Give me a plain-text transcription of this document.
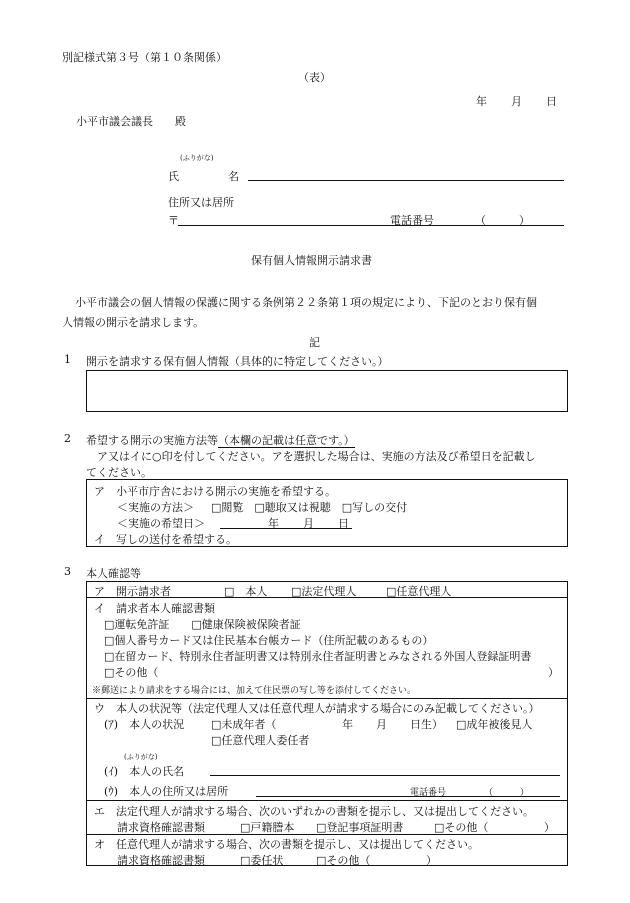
別記様式第３号（第１０条関係）
（表）
年 月 日
小平市議会議長　　殿
(ふりがな)
氏	名
住所又は居所
〒	電話番号	（　　　）
保有個人情報開示請求書
小平市議会の個人情報の保護に関する条例第２２条第１項の規定により、下記のとおり保有個
人情報の開示を請求します。
記
1 開示を請求する保有個人情報（具体的に特定してください。）
2 希望する開示の実施方法等（本欄の記載は任意です。）
ア又はイに○印を付してください。アを選択した場合は、実施の方法及び希望日を記載し
てください。
ア　小平市庁舎における開示の実施を希望する。
＜実施の方法＞ □閲覧　□聴取又は視聴　□写しの交付
＜実施の希望日＞	年 月 日
イ　写しの送付を希望する。
3 本人確認等
ア　開示請求者	□　本人 □法定代理人	□任意代理人
イ　請求者本人確認書類
□運転免許証　　□健康保険被保険者証
□個人番号カード又は住民基本台帳カード（住所記載のあるもの）
□在留カード、特別永住者証明書又は特別永住者証明書とみなされる外国人登録証明書
□その他（	）
※郵送により請求をする場合には、加えて住民票の写し等を添付してください。
ウ　本人の状況等（法定代理人又は任意代理人が請求する場合にのみ記載してください。）
(ｱ)　本人の状況 □未成年者（	年 月 日生） □成年被後見人
□任意代理人委任者
(ふりがな)
(ｲ)　本人の氏名
(ｳ)　本人の住所又は居所	電話番号	（　　　）
エ　法定代理人が請求する場合、次のいずれかの書類を提示し、又は提出してください。
請求資格確認書類	□戸籍謄本 □登記事項証明書	□その他（	）
オ　任意代理人が請求する場合、次の書類を提示し、又は提出してください。
請求資格確認書類	□委任状	□その他（	）
